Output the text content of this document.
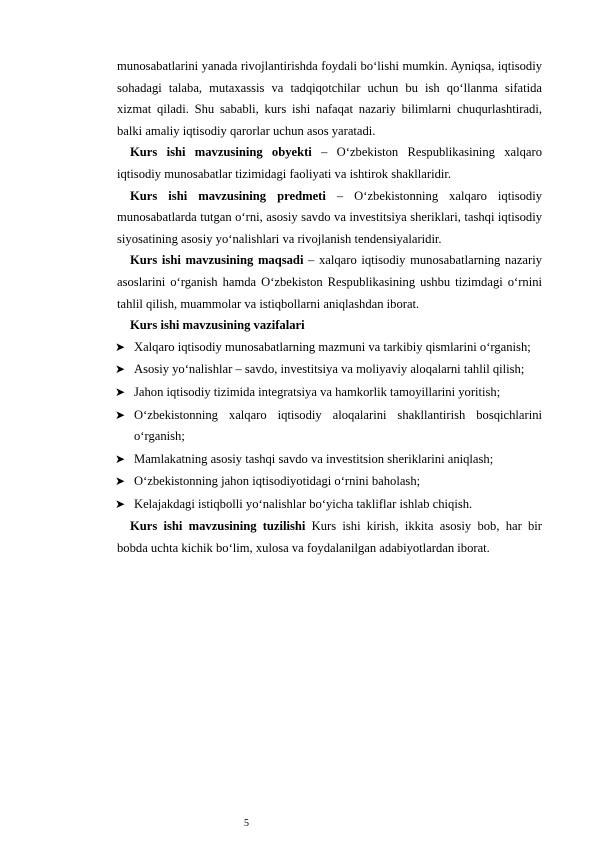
munosabatlarini yanada rivojlantirishda foydali bo‘lishi mumkin. Ayniqsa, iqtisodiy sohadagi talaba, mutaxassis va tadqiqotchilar uchun bu ish qo‘llanma sifatida xizmat qiladi. Shu sababli, kurs ishi nafaqat nazariy bilimlarni chuqurlashtiradi, balki amaliy iqtisodiy qarorlar uchun asos yaratadi.

Kurs ishi mavzusining obyekti – O‘zbekiston Respublikasining xalqaro iqtisodiy munosabatlar tizimidagi faoliyati va ishtirok shakllaridir.

Kurs ishi mavzusining predmeti – O‘zbekistonning xalqaro iqtisodiy munosabatlarda tutgan o‘rni, asosiy savdo va investitsiya sheriklari, tashqi iqtisodiy siyosatining asosiy yo‘nalishlari va rivojlanish tendensiyalaridir.

Kurs ishi mavzusining maqsadi – xalqaro iqtisodiy munosabatlarning nazariy asoslarini o‘rganish hamda O‘zbekiston Respublikasining ushbu tizimdagi o‘rnini tahlil qilish, muammolar va istiqbollarni aniqlashdan iborat.

Kurs ishi mavzusining vazifalari

➤ Xalqaro iqtisodiy munosabatlarning mazmuni va tarkibiy qismlarini o‘rganish;
➤ Asosiy yo‘nalishlar – savdo, investitsiya va moliyaviy aloqalarni tahlil qilish;
➤ Jahon iqtisodiy tizimida integratsiya va hamkorlik tamoyillarini yoritish;
➤ O‘zbekistonning xalqaro iqtisodiy aloqalarini shakllantirish bosqichlarini o‘rganish;
➤ Mamlakatning asosiy tashqi savdo va investitsion sheriklarini aniqlash;
➤ O‘zbekistonning jahon iqtisodiyotidagi o‘rnini baholash;
➤ Kelajakdagi istiqbolli yo‘nalishlar bo‘yicha takliflar ishlab chiqish.

Kurs ishi mavzusining tuzilishi Kurs ishi kirish, ikkita asosiy bob, har bir bobda uchta kichik bo‘lim, xulosa va foydalanilgan adabiyotlardan iborat.

5
